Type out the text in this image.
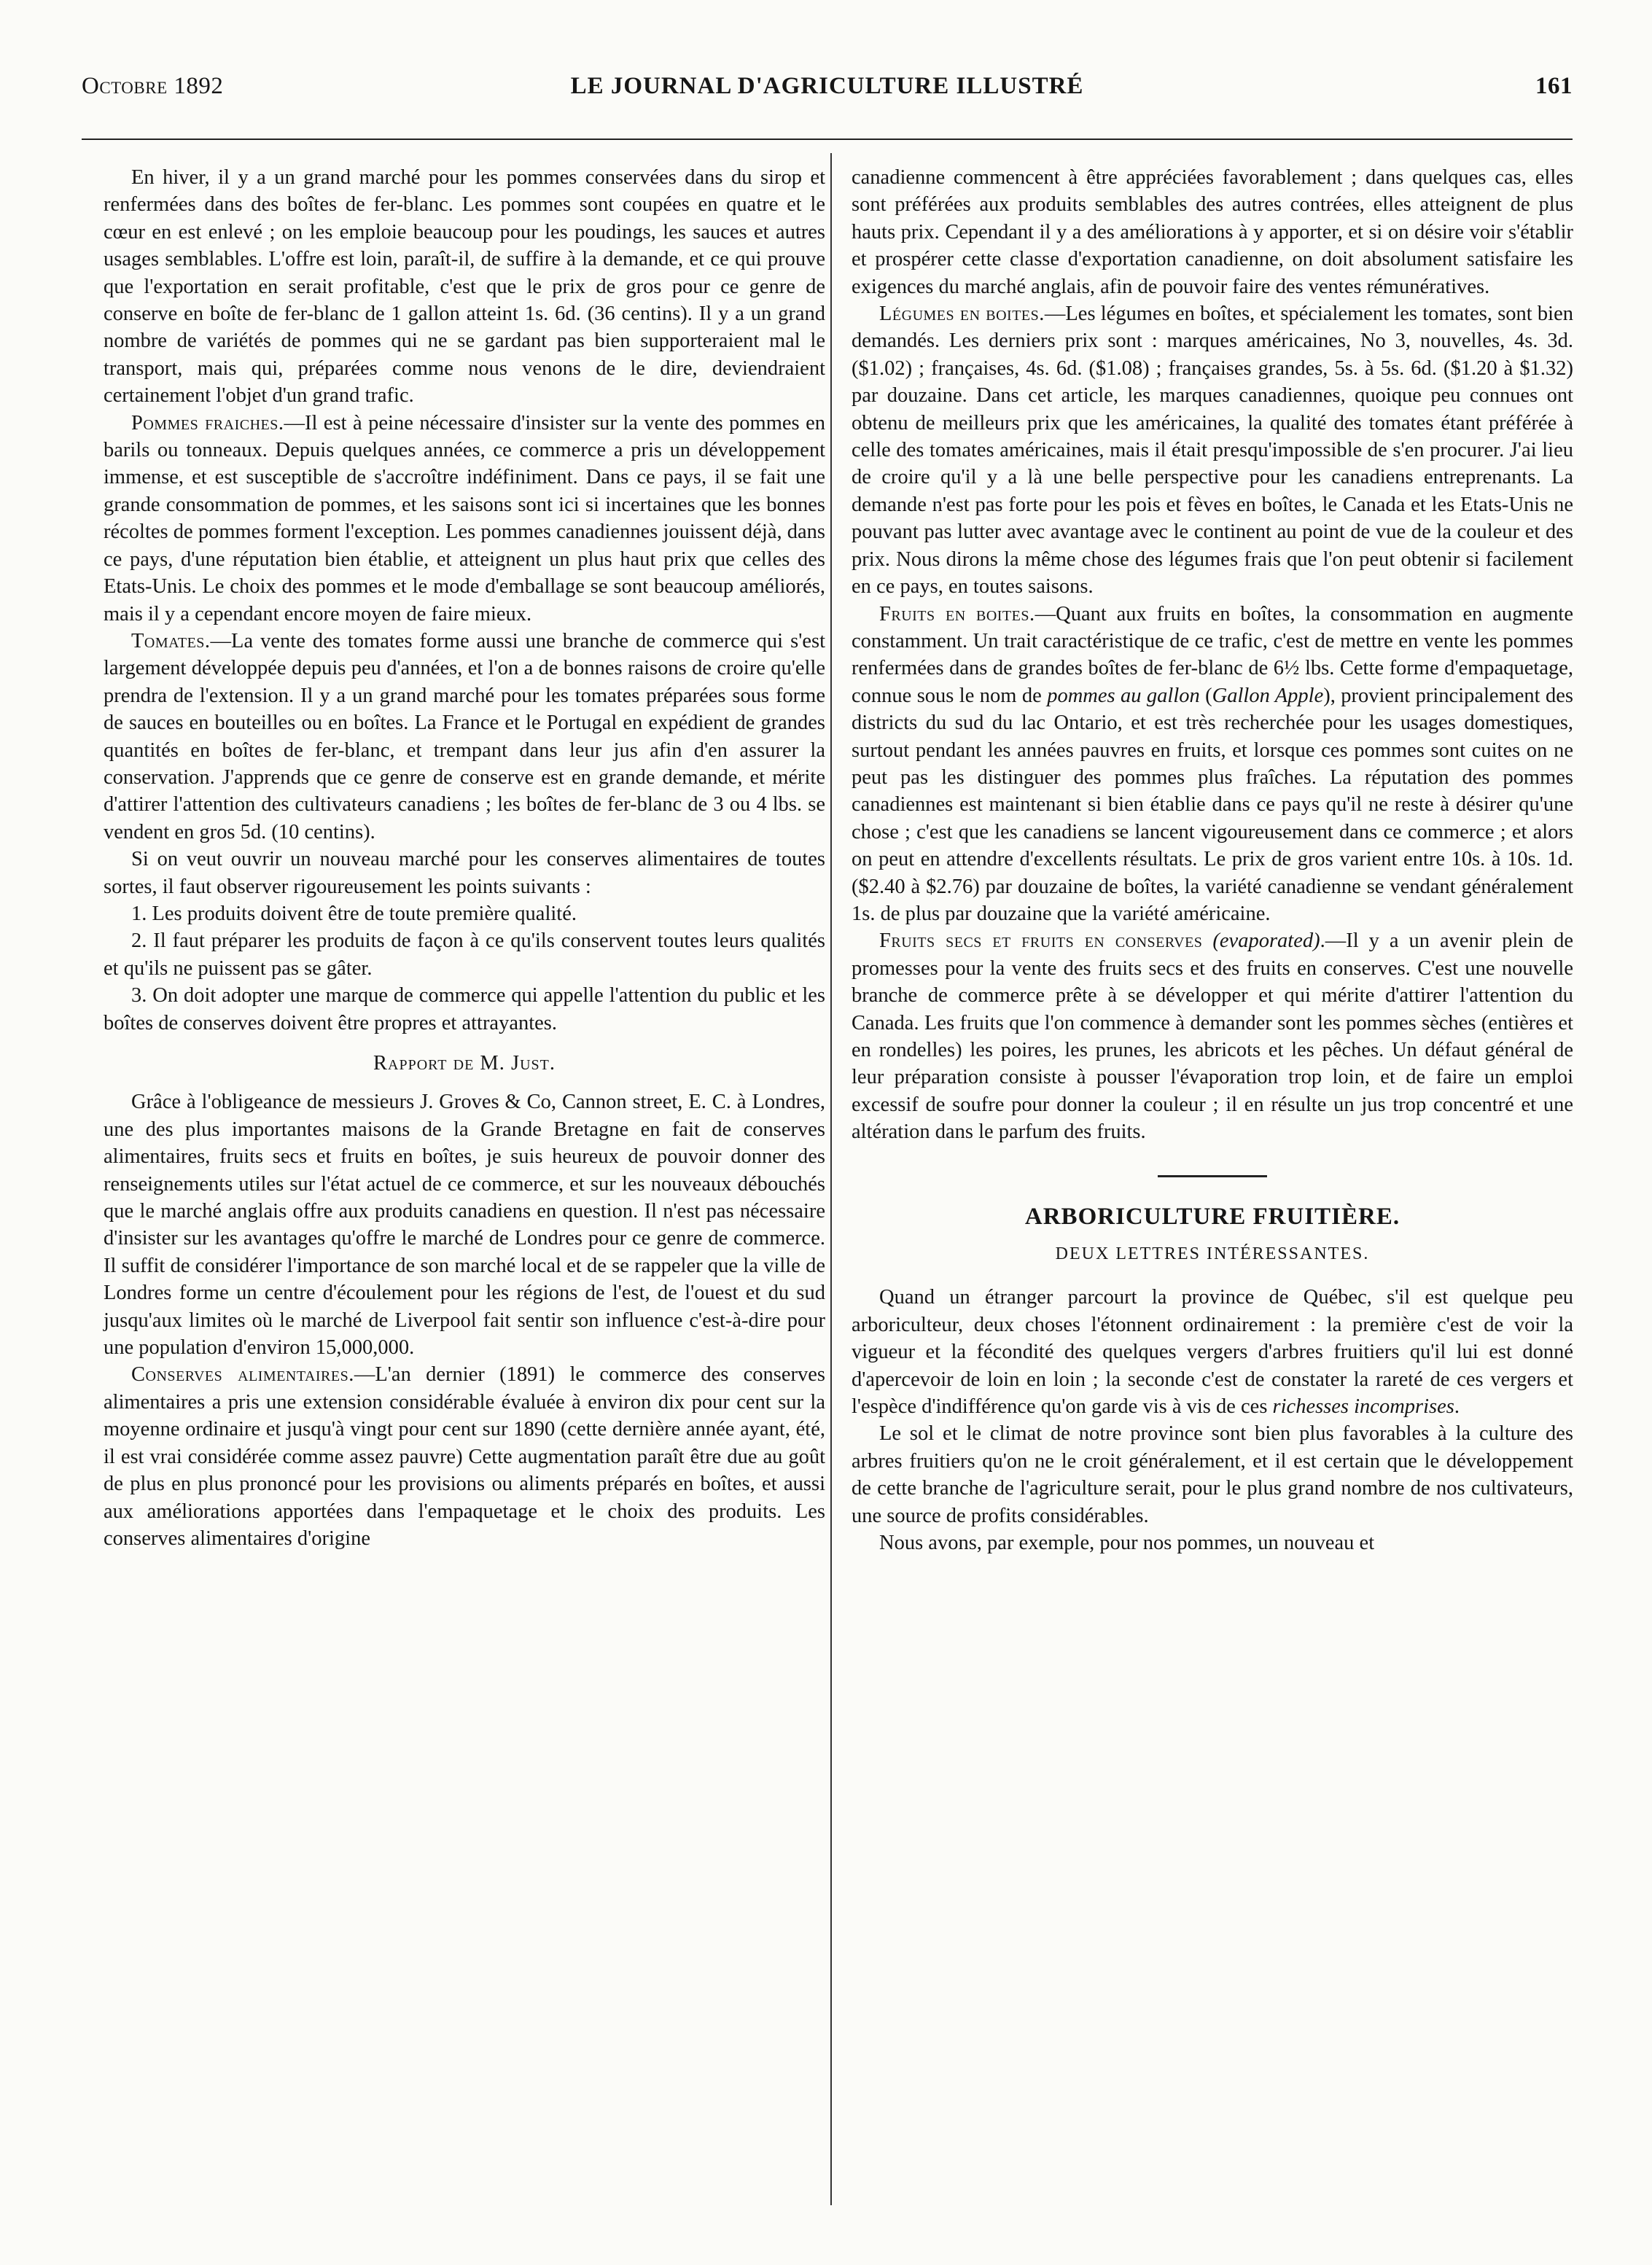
Octobre 1892	LE JOURNAL D'AGRICULTURE ILLUSTRÉ	161

En hiver, il y a un grand marché pour les pommes conservées dans du sirop et renfermées dans des boîtes de fer-blanc. Les pommes sont coupées en quatre et le cœur en est enlevé ; on les emploie beaucoup pour les poudings, les sauces et autres usages semblables. L'offre est loin, paraît-il, de suffire à la demande, et ce qui prouve que l'exportation en serait profitable, c'est que le prix de gros pour ce genre de conserve en boîte de fer-blanc de 1 gallon atteint 1s. 6d. (36 centins). Il y a un grand nombre de variétés de pommes qui ne se gardant pas bien supporteraient mal le transport, mais qui, préparées comme nous venons de le dire, deviendraient certainement l'objet d'un grand trafic.

Pommes fraiches.—Il est à peine nécessaire d'insister sur la vente des pommes en barils ou tonneaux. Depuis quelques années, ce commerce a pris un développement immense, et est susceptible de s'accroître indéfiniment. Dans ce pays, il se fait une grande consommation de pommes, et les saisons sont ici si incertaines que les bonnes récoltes de pommes forment l'exception. Les pommes canadiennes jouissent déjà, dans ce pays, d'une réputation bien établie, et atteignent un plus haut prix que celles des Etats-Unis. Le choix des pommes et le mode d'emballage se sont beaucoup améliorés, mais il y a cependant encore moyen de faire mieux.

Tomates.—La vente des tomates forme aussi une branche de commerce qui s'est largement développée depuis peu d'années, et l'on a de bonnes raisons de croire qu'elle prendra de l'extension. Il y a un grand marché pour les tomates préparées sous forme de sauces en bouteilles ou en boîtes. La France et le Portugal en expédient de grandes quantités en boîtes de fer-blanc, et trempant dans leur jus afin d'en assurer la conservation. J'apprends que ce genre de conserve est en grande demande, et mérite d'attirer l'attention des cultivateurs canadiens ; les boîtes de fer-blanc de 3 ou 4 lbs. se vendent en gros 5d. (10 centins).

Si on veut ouvrir un nouveau marché pour les conserves alimentaires de toutes sortes, il faut observer rigoureusement les points suivants :

1. Les produits doivent être de toute première qualité.

2. Il faut préparer les produits de façon à ce qu'ils conservent toutes leurs qualités et qu'ils ne puissent pas se gâter.

3. On doit adopter une marque de commerce qui appelle l'attention du public et les boîtes de conserves doivent être propres et attrayantes.

Rapport de M. Just.

Grâce à l'obligeance de messieurs J. Groves & Co, Cannon street, E. C. à Londres, une des plus importantes maisons de la Grande Bretagne en fait de conserves alimentaires, fruits secs et fruits en boîtes, je suis heureux de pouvoir donner des renseignements utiles sur l'état actuel de ce commerce, et sur les nouveaux débouchés que le marché anglais offre aux produits canadiens en question. Il n'est pas nécessaire d'insister sur les avantages qu'offre le marché de Londres pour ce genre de commerce. Il suffit de considérer l'importance de son marché local et de se rappeler que la ville de Londres forme un centre d'écoulement pour les régions de l'est, de l'ouest et du sud jusqu'aux limites où le marché de Liverpool fait sentir son influence c'est-à-dire pour une population d'environ 15,000,000.

Conserves alimentaires.—L'an dernier (1891) le commerce des conserves alimentaires a pris une extension considérable évaluée à environ dix pour cent sur la moyenne ordinaire et jusqu'à vingt pour cent sur 1890 (cette dernière année ayant, été, il est vrai considérée comme assez pauvre) Cette augmentation paraît être due au goût de plus en plus prononcé pour les provisions ou aliments préparés en boîtes, et aussi aux améliorations apportées dans l'empaquetage et le choix des produits. Les conserves alimentaires d'origine

canadienne commencent à être appréciées favorablement ; dans quelques cas, elles sont préférées aux produits semblables des autres contrées, elles atteignent de plus hauts prix. Cependant il y a des améliorations à y apporter, et si on désire voir s'établir et prospérer cette classe d'exportation canadienne, on doit absolument satisfaire les exigences du marché anglais, afin de pouvoir faire des ventes rémunératives.

Légumes en boites.—Les légumes en boîtes, et spécialement les tomates, sont bien demandés. Les derniers prix sont : marques américaines, No 3, nouvelles, 4s. 3d. ($1.02) ; françaises, 4s. 6d. ($1.08) ; françaises grandes, 5s. à 5s. 6d. ($1.20 à $1.32) par douzaine. Dans cet article, les marques canadiennes, quoique peu connues ont obtenu de meilleurs prix que les américaines, la qualité des tomates étant préférée à celle des tomates américaines, mais il était presqu'impossible de s'en procurer. J'ai lieu de croire qu'il y a là une belle perspective pour les canadiens entreprenants. La demande n'est pas forte pour les pois et fèves en boîtes, le Canada et les Etats-Unis ne pouvant pas lutter avec avantage avec le continent au point de vue de la couleur et des prix. Nous dirons la même chose des légumes frais que l'on peut obtenir si facilement en ce pays, en toutes saisons.

Fruits en boites.—Quant aux fruits en boîtes, la consommation en augmente constamment. Un trait caractéristique de ce trafic, c'est de mettre en vente les pommes renfermées dans de grandes boîtes de fer-blanc de 6½ lbs. Cette forme d'empaquetage, connue sous le nom de pommes au gallon (Gallon Apple), provient principalement des districts du sud du lac Ontario, et est très recherchée pour les usages domestiques, surtout pendant les années pauvres en fruits, et lorsque ces pommes sont cuites on ne peut pas les distinguer des pommes plus fraîches. La réputation des pommes canadiennes est maintenant si bien établie dans ce pays qu'il ne reste à désirer qu'une chose ; c'est que les canadiens se lancent vigoureusement dans ce commerce ; et alors on peut en attendre d'excellents résultats. Le prix de gros varient entre 10s. à 10s. 1d. ($2.40 à $2.76) par douzaine de boîtes, la variété canadienne se vendant généralement 1s. de plus par douzaine que la variété américaine.

Fruits secs et fruits en conserves (evaporated).—Il y a un avenir plein de promesses pour la vente des fruits secs et des fruits en conserves. C'est une nouvelle branche de commerce prête à se développer et qui mérite d'attirer l'attention du Canada. Les fruits que l'on commence à demander sont les pommes sèches (entières et en rondelles) les poires, les prunes, les abricots et les pêches. Un défaut général de leur préparation consiste à pousser l'évaporation trop loin, et de faire un emploi excessif de soufre pour donner la couleur ; il en résulte un jus trop concentré et une altération dans le parfum des fruits.

ARBORICULTURE FRUITIÈRE.
DEUX LETTRES INTÉRESSANTES.

Quand un étranger parcourt la province de Québec, s'il est quelque peu arboriculteur, deux choses l'étonnent ordinairement : la première c'est de voir la vigueur et la fécondité des quelques vergers d'arbres fruitiers qu'il lui est donné d'apercevoir de loin en loin ; la seconde c'est de constater la rareté de ces vergers et l'espèce d'indifférence qu'on garde vis à vis de ces richesses incomprises.

Le sol et le climat de notre province sont bien plus favorables à la culture des arbres fruitiers qu'on ne le croit généralement, et il est certain que le développement de cette branche de l'agriculture serait, pour le plus grand nombre de nos cultivateurs, une source de profits considérables.

Nous avons, par exemple, pour nos pommes, un nouveau et
